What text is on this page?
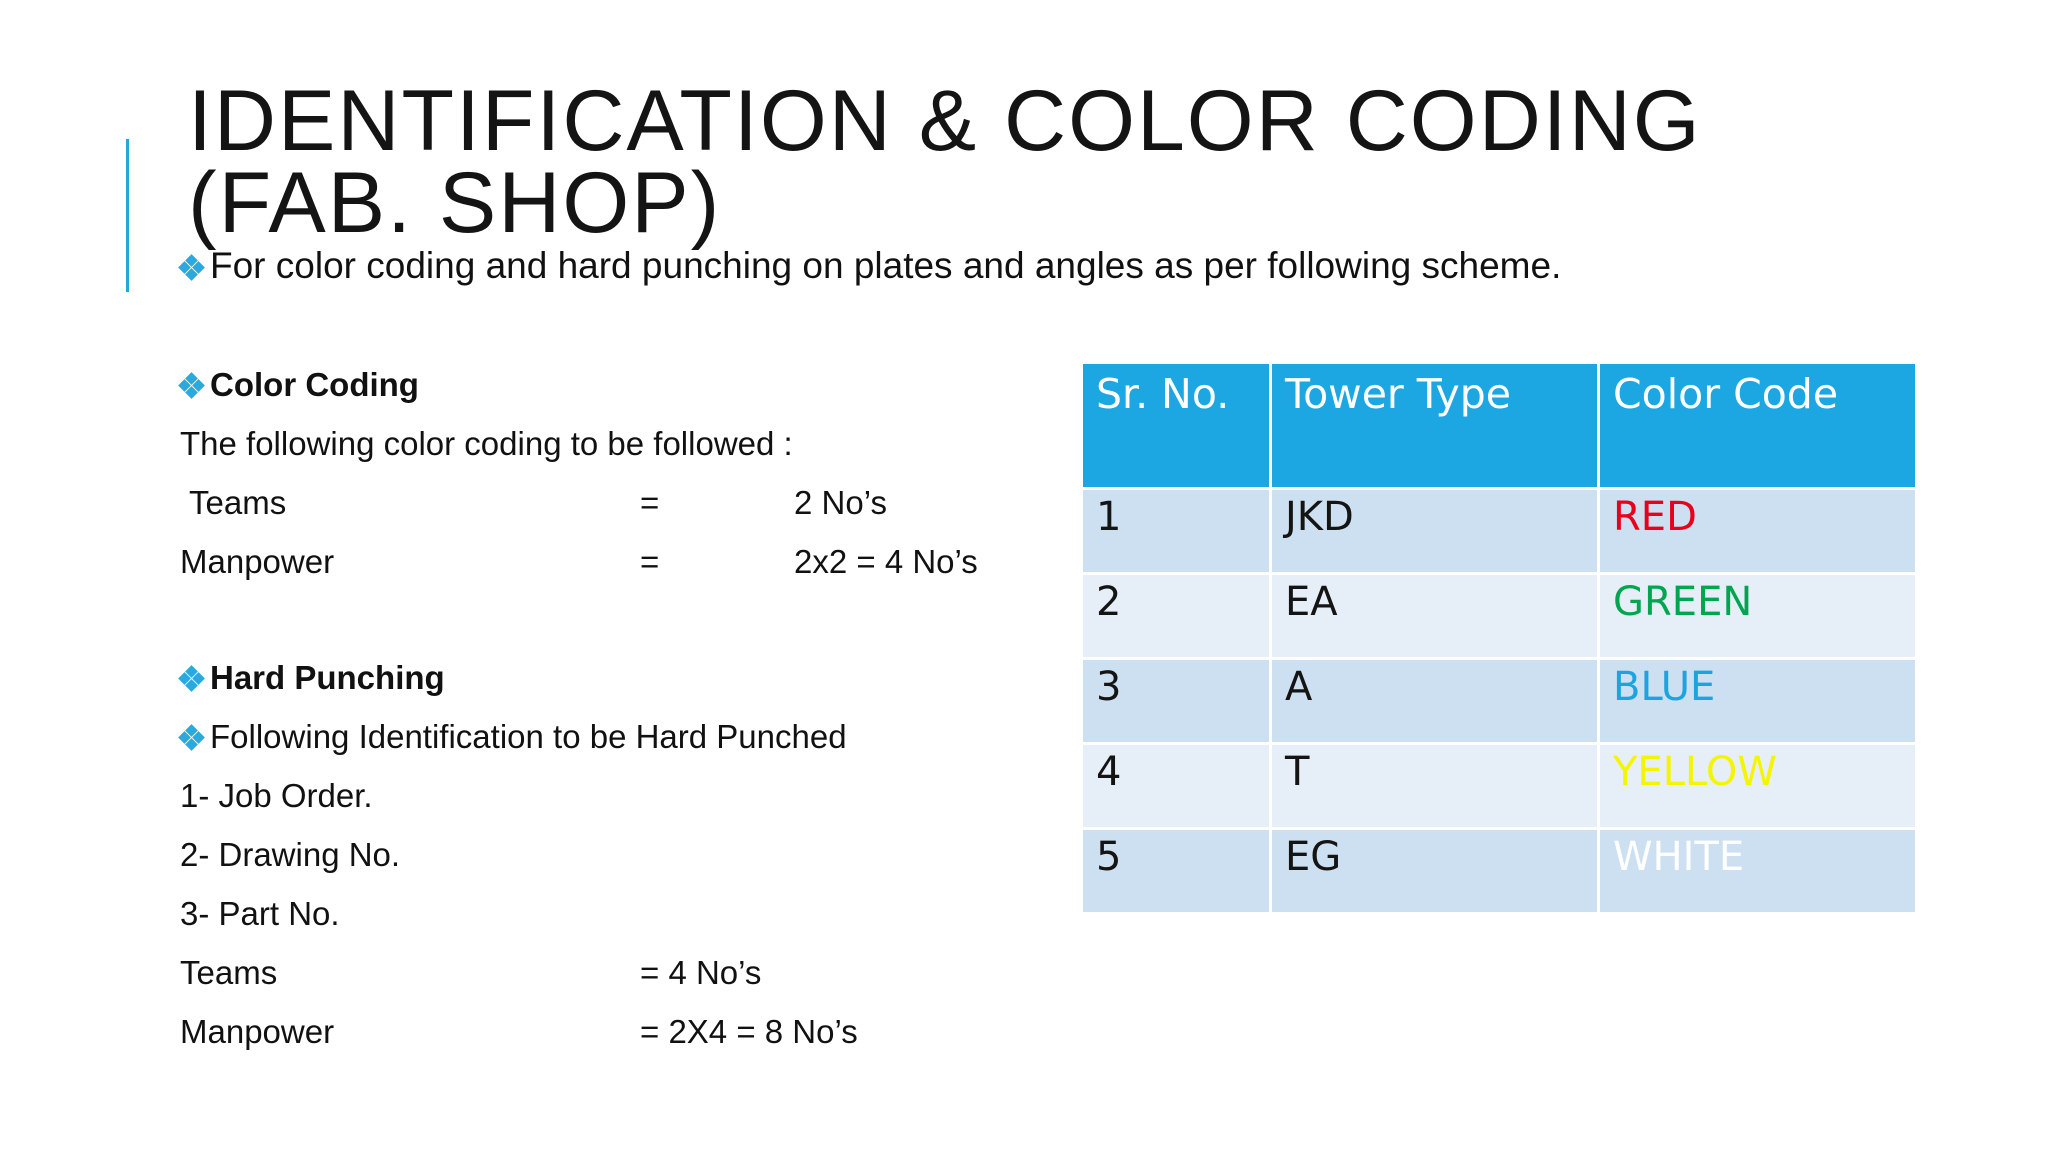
IDENTIFICATION & COLOR CODING
(FAB. SHOP)
For color coding and hard punching on plates and angles as per following scheme.
Color Coding
The following color coding to be followed :
Teams	=	2 No’s
Manpower	=	2x2 = 4 No’s
Hard Punching
Following Identification to be Hard Punched
1- Job Order.
2- Drawing No.
3- Part No.
Teams	= 4 No’s
Manpower	= 2X4 = 8 No’s
Sr. No.	Tower Type	Color Code
1	JKD	RED
2	EA	GREEN
3	A	BLUE
4	T	YELLOW
5	EG	WHITE
